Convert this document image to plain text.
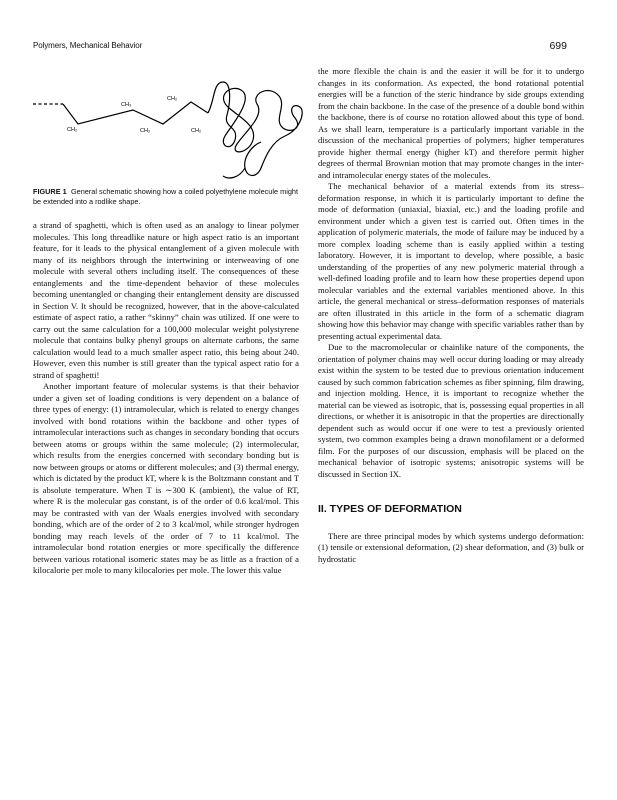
Polymers, Mechanical Behavior	699
CH₂
CH₃
CH₂
CH₂
CH₂
FIGURE 1 General schematic showing how a coiled polyethylene molecule might be extended into a rodlike shape.

a strand of spaghetti, which is often used as an analogy to linear polymer molecules. This long threadlike nature or high aspect ratio is an important feature, for it leads to the physical entanglement of a given molecule with many of its neighbors through the intertwining or interweaving of one molecule with several others including itself. The consequences of these entanglements and the time-dependent behavior of these molecules becoming unentangled or changing their entanglement density are discussed in Section V. It should be recognized, however, that in the above-calculated estimate of aspect ratio, a rather “skinny” chain was utilized. If one were to carry out the same calculation for a 100,000 molecular weight polystyrene molecule that contains bulky phenyl groups on alternate carbons, the same calculation would lead to a much smaller aspect ratio, this being about 240. However, even this number is still greater than the typical aspect ratio for a strand of spaghetti!

Another important feature of molecular systems is that their behavior under a given set of loading conditions is very dependent on a balance of three types of energy: (1) intramolecular, which is related to energy changes involved with bond rotations within the backbone and other types of intramolecular interactions such as changes in secondary bonding that occurs between atoms or groups within the same molecule; (2) intermolecular, which results from the energies concerned with secondary bonding but is now between groups or atoms or different molecules; and (3) thermal energy, which is dictated by the product kT, where k is the Boltzmann constant and T is absolute temperature. When T is ∼300 K (ambient), the value of RT, where R is the molecular gas constant, is of the order of 0.6 kcal/mol. This may be contrasted with van der Waals energies involved with secondary bonding, which are of the order of 2 to 3 kcal/mol, while stronger hydrogen bonding may reach levels of the order of 7 to 11 kcal/mol. The intramolecular bond rotation energies or more specifically the difference between various rotational isomeric states may be as little as a fraction of a kilocalorie per mole to many kilocalories per mole. The lower this value

the more flexible the chain is and the easier it will be for it to undergo changes in its conformation. As expected, the bond rotational potential energies will be a function of the steric hindrance by side groups extending from the chain backbone. In the case of the presence of a double bond within the backbone, there is of course no rotation allowed about this type of bond. As we shall learn, temperature is a particularly important variable in the discussion of the mechanical properties of polymers; higher temperatures provide higher thermal energy (higher kT) and therefore permit higher degrees of thermal Brownian motion that may promote changes in the inter- and intramolecular energy states of the molecules.

The mechanical behavior of a material extends from its stress–deformation response, in which it is particularly important to define the mode of deformation (uniaxial, biaxial, etc.) and the loading profile and environment under which a given test is carried out. Often times in the application of polymeric materials, the mode of failure may be induced by a more complex loading scheme than is easily applied within a testing laboratory. However, it is important to develop, where possible, a basic understanding of the properties of any new polymeric material through a well-defined loading profile and to learn how these properties depend upon molecular variables and the external variables mentioned above. In this article, the general mechanical or stress–deformation responses of materials are often illustrated in this article in the form of a schematic diagram showing how this behavior may change with specific variables rather than by presenting actual experimental data.

Due to the macromolecular or chainlike nature of the components, the orientation of polymer chains may well occur during loading or may already exist within the system to be tested due to previous orientation inducement caused by such common fabrication schemes as fiber spinning, film drawing, and injection molding. Hence, it is important to recognize whether the material can be viewed as isotropic, that is, possessing equal properties in all directions, or whether it is anisotropic in that the properties are directionally dependent such as would occur if one were to test a previously oriented system, two common examples being a drawn monofilament or a deformed film. For the purposes of our discussion, emphasis will be placed on the mechanical behavior of isotropic systems; anisotropic systems will be discussed in Section IX.

II. TYPES OF DEFORMATION

There are three principal modes by which systems undergo deformation: (1) tensile or extensional deformation, (2) shear deformation, and (3) bulk or hydrostatic
